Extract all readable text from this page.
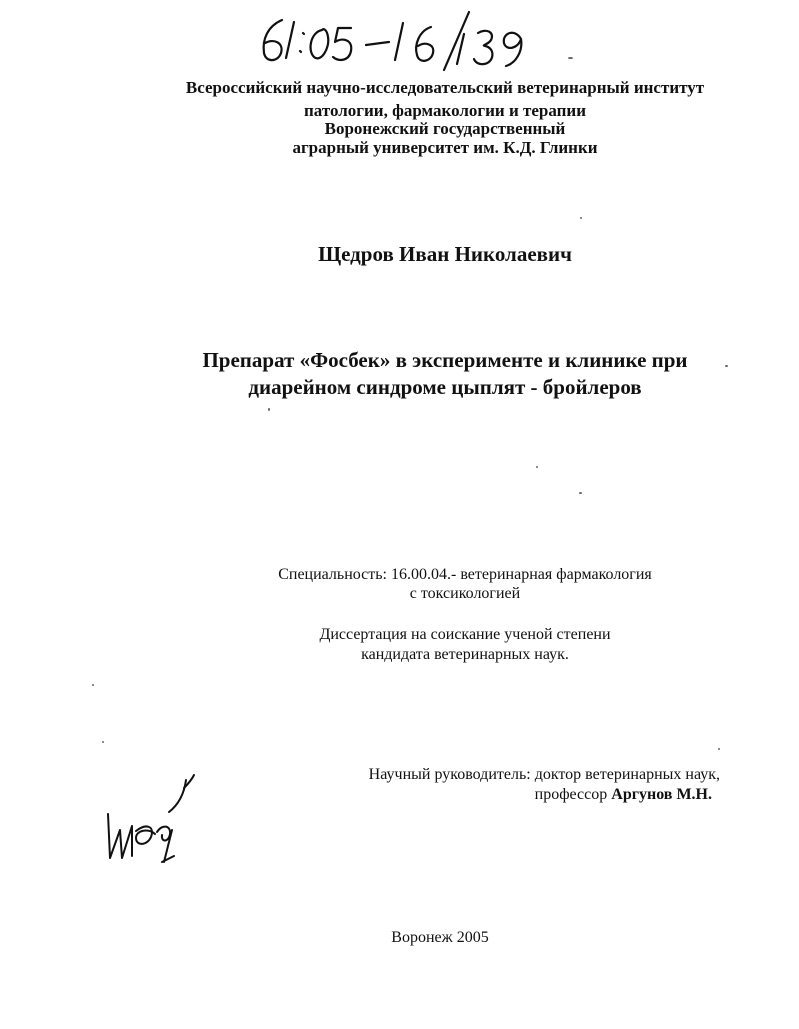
Всероссийский научно-исследовательский ветеринарный институт
патологии, фармакологии и терапии
Воронежский государственный
аграрный университет им. К.Д. Глинки
Щедров Иван Николаевич
Препарат «Фосбек» в эксперименте и клинике при
диарейном синдроме цыплят - бройлеров
Специальность: 16.00.04.- ветеринарная фармакология
с токсикологией
Диссертация на соискание ученой степени
кандидата ветеринарных наук.
Научный руководитель: доктор ветеринарных наук,
профессор Аргунов М.Н.
Воронеж 2005
